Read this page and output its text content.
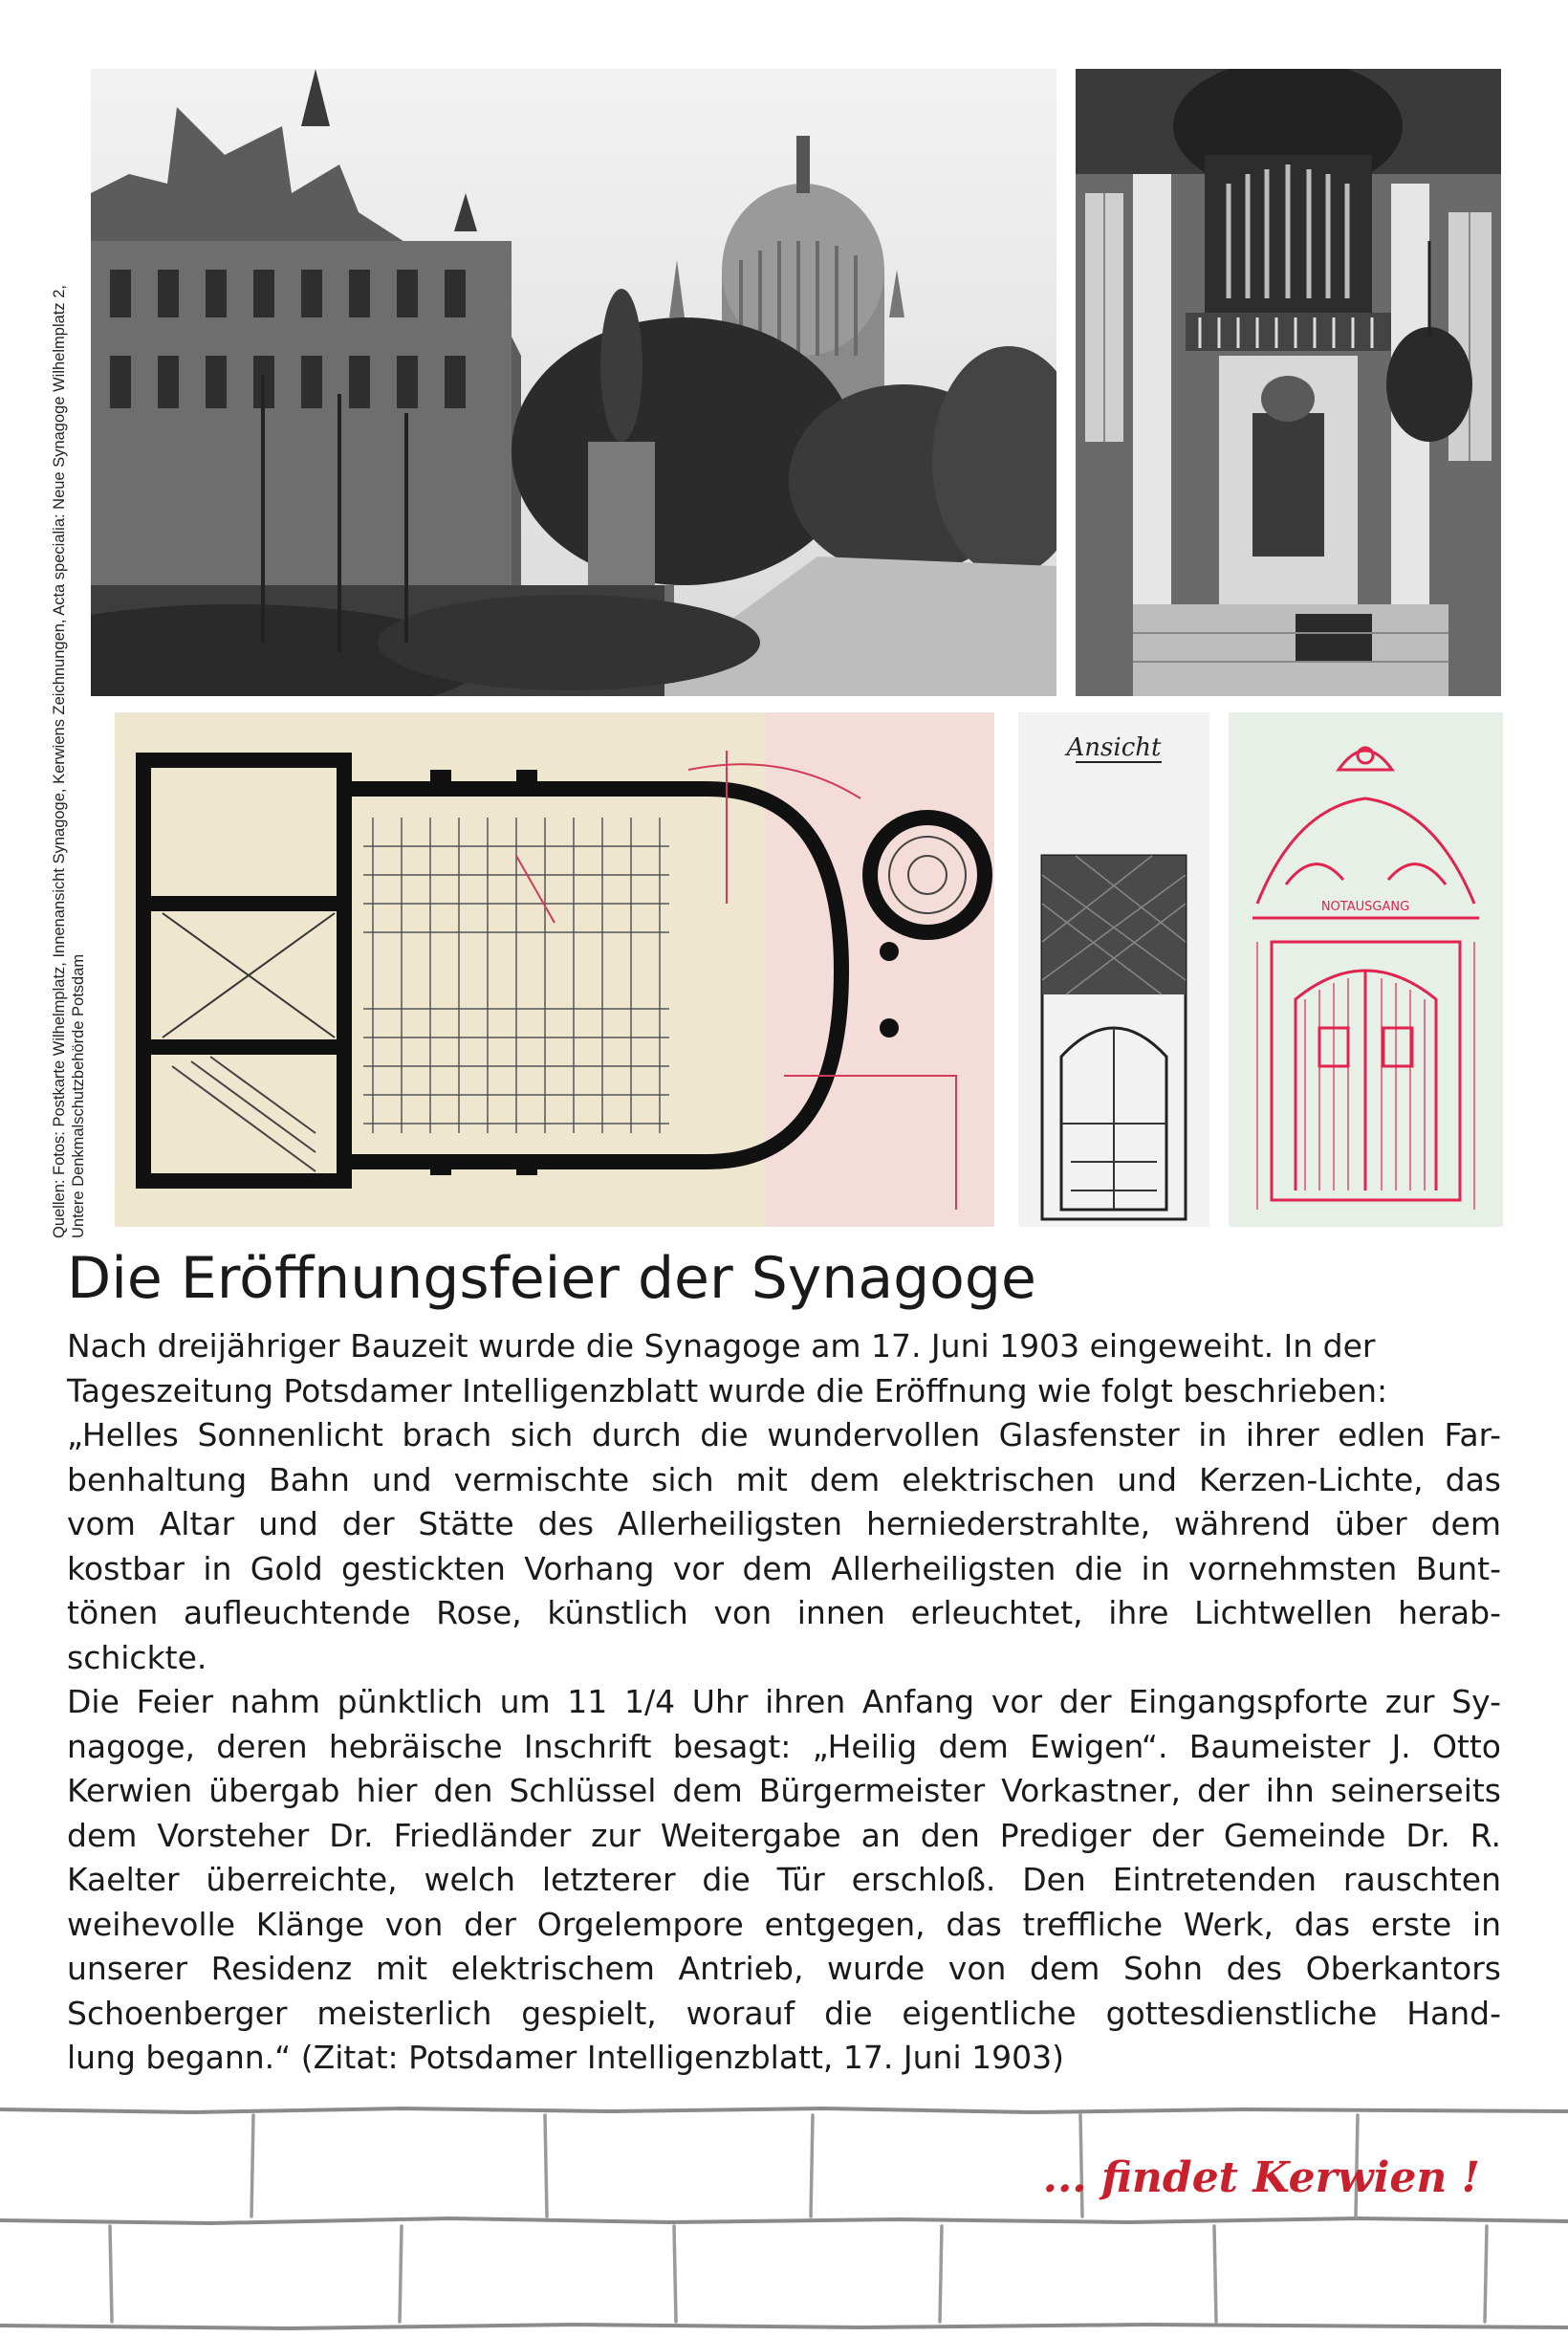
Quellen: Fotos: Postkarte Wilhelmplatz, Innenansicht Synagoge, Kerwiens Zeichnungen, Acta specialia: Neue Synagoge Wilhelmplatz 2, Untere Denkmalschutzbehörde Potsdam
Ansicht
NOTAUSGANG
Die Eröffnungsfeier der Synagoge
Nach dreijähriger Bauzeit wurde die Synagoge am 17. Juni 1903 eingeweiht. In der
Tageszeitung Potsdamer Intelligenzblatt wurde die Eröffnung wie folgt beschrieben:
„Helles Sonnenlicht brach sich durch die wundervollen Glasfenster in ihrer edlen Far-
benhaltung Bahn und vermischte sich mit dem elektrischen und Kerzen-Lichte, das
vom Altar und der Stätte des Allerheiligsten herniederstrahlte, während über dem
kostbar in Gold gestickten Vorhang vor dem Allerheiligsten die in vornehmsten Bunt-
tönen aufleuchtende Rose, künstlich von innen erleuchtet, ihre Lichtwellen herab-
schickte.
Die Feier nahm pünktlich um 11 1/4 Uhr ihren Anfang vor der Eingangspforte zur Sy-
nagoge, deren hebräische Inschrift besagt: „Heilig dem Ewigen“. Baumeister J. Otto
Kerwien übergab hier den Schlüssel dem Bürgermeister Vorkastner, der ihn seinerseits
dem Vorsteher Dr. Friedländer zur Weitergabe an den Prediger der Gemeinde Dr. R.
Kaelter überreichte, welch letzterer die Tür erschloß. Den Eintretenden rauschten
weihevolle Klänge von der Orgelempore entgegen, das treffliche Werk, das erste in
unserer Residenz mit elektrischem Antrieb, wurde von dem Sohn des Oberkantors
Schoenberger meisterlich gespielt, worauf die eigentliche gottesdienstliche Hand-
lung begann.“ (Zitat: Potsdamer Intelligenzblatt, 17. Juni 1903)
... findet Kerwien !
